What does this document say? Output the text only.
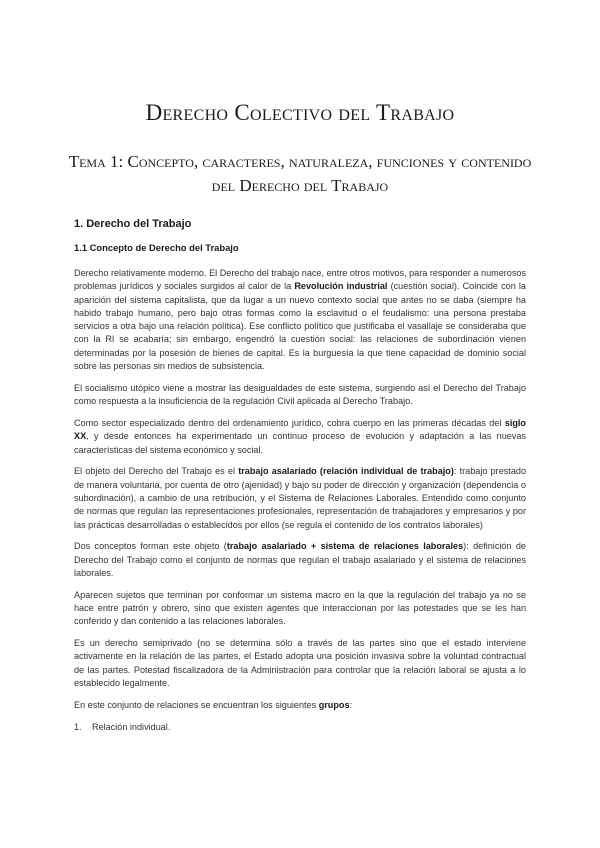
Derecho Colectivo del Trabajo
Tema 1: Concepto, caracteres, naturaleza, funciones y contenido del Derecho del Trabajo
1. Derecho del Trabajo
1.1 Concepto de Derecho del Trabajo

Derecho relativamente moderno. El Derecho del trabajo nace, entre otros motivos, para responder a numerosos problemas jurídicos y sociales surgidos al calor de la Revolución industrial (cuestión social). Coincide con la aparición del sistema capitalista, que da lugar a un nuevo contexto social que antes no se daba (siempre ha habido trabajo humano, pero bajo otras formas como la esclavitud o el feudalismo: una persona prestaba servicios a otra bajo una relación política). Ese conflicto político que justificaba el vasallaje se consideraba que con la RI se acabaría; sin embargo, engendró la cuestión social: las relaciones de subordinación vienen determinadas por la posesión de bienes de capital. Es la burguesía la que tiene capacidad de dominio social sobre las personas sin medios de subsistencia.

El socialismo utópico viene a mostrar las desigualdades de este sistema, surgiendo así el Derecho del Trabajo como respuesta a la insuficiencia de la regulación Civil aplicada al Derecho Trabajo.

Como sector especializado dentro del ordenamiento jurídico, cobra cuerpo en las primeras décadas del siglo XX, y desde entonces ha experimentado un continuo proceso de evolución y adaptación a las nuevas características del sistema económico y social.

El objeto del Derecho del Trabajo es el trabajo asalariado (relación individual de trabajo): trabajo prestado de manera voluntaria, por cuenta de otro (ajenidad) y bajo su poder de dirección y organización (dependencia o subordinación), a cambio de una retribución, y el Sistema de Relaciones Laborales. Entendido como conjunto de normas que regulan las representaciones profesionales, representación de trabajadores y empresarios y por las prácticas desarrolladas o establecidos por ellos (se regula el contenido de los contratos laborales)

Dos conceptos forman este objeto (trabajo asalariado + sistema de relaciones laborales): definición de Derecho del Trabajo como el conjunto de normas que regulan el trabajo asalariado y el sistema de relaciones laborales.

Aparecen sujetos que terminan por conformar un sistema macro en la que la regulación del trabajo ya no se hace entre patrón y obrero, sino que existen agentes que interaccionan por las potestades que se les han conferido y dan contenido a las relaciones laborales.

Es un derecho semiprivado (no se determina sólo a través de las partes sino que el estado interviene activamente en la relación de las partes, el Estado adopta una posición invasiva sobre la voluntad contractual de las partes. Potestad fiscalizadora de la Administración para controlar que la relación laboral se ajusta a lo establecido legalmente.

En este conjunto de relaciones se encuentran los siguientes grupos:

1. Relación individual.
